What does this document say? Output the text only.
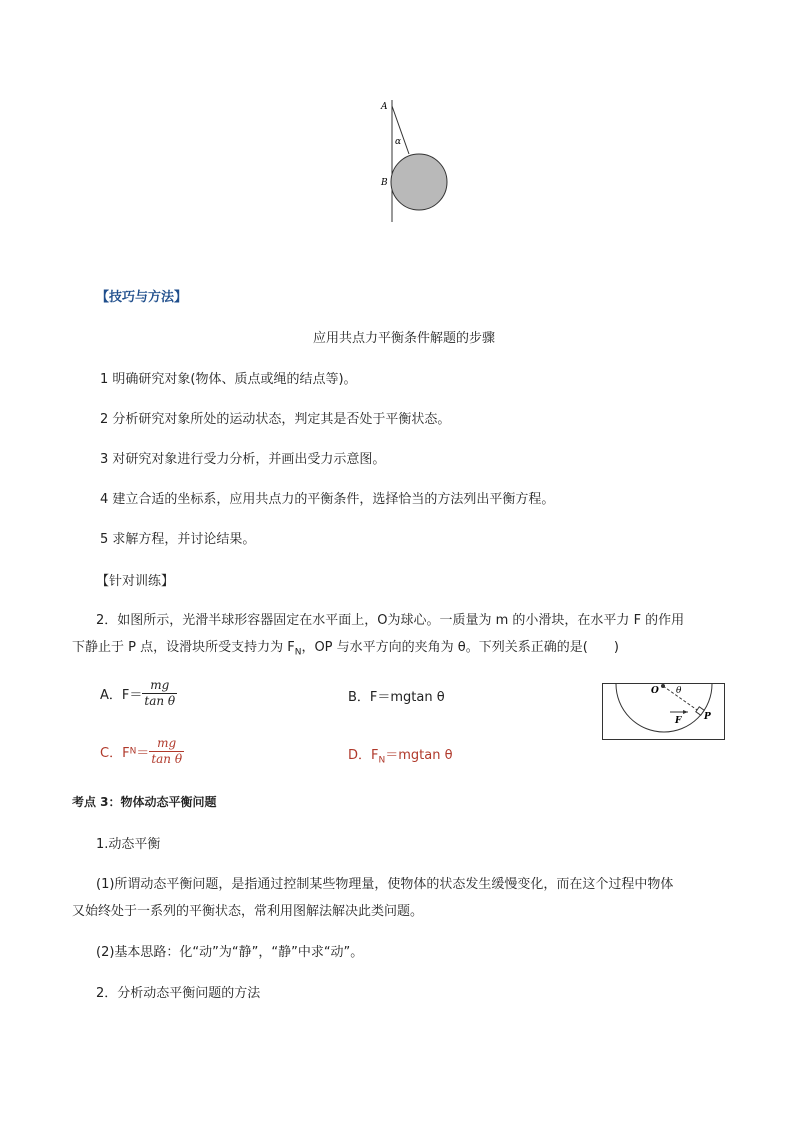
A
α
B
【技巧与方法】
应用共点力平衡条件解题的步骤
1 明确研究对象(物体、质点或绳的结点等)。
2 分析研究对象所处的运动状态，判定其是否处于平衡状态。
3 对研究对象进行受力分析，并画出受力示意图。
4 建立合适的坐标系，应用共点力的平衡条件，选择恰当的方法列出平衡方程。
5 求解方程，并讨论结果。
【针对训练】
2．如图所示，光滑半球形容器固定在水平面上，O为球心。一质量为 m 的小滑块，在水平力 F 的作用
下静止于 P 点，设滑块所受支持力为 $F_N$，OP 与水平方向的夹角为 θ。下列关系正确的是(　　)
A．$F= \frac{mg}{\text{tan θ}}$	B．F＝mgtan θ	O θ
F	P
C．$FN= \frac{mg}{\text{tan θ}}$	D．$F_N=mgtan$ θ
考点 3：物体动态平衡问题
1.动态平衡
(1)所谓动态平衡问题，是指通过控制某些物理量，使物体的状态发生缓慢变化，而在这个过程中物体
又始终处于一系列的平衡状态，常利用图解法解决此类问题。
(2)基本思路：化“动”为“静”，“静”中求“动”。
2．分析动态平衡问题的方法
